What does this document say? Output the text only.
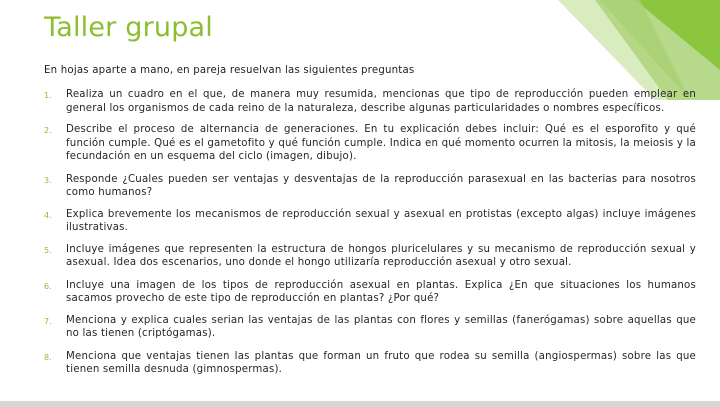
Taller grupal

En hojas aparte a mano, en pareja resuelvan las siguientes preguntas

1. Realiza un cuadro en el que, de manera muy resumida, mencionas que tipo de reproducción pueden emplear en general los organismos de cada reino de la naturaleza, describe algunas particularidades o nombres específicos.
2. Describe el proceso de alternancia de generaciones. En tu explicación debes incluir: Qué es el esporofito y qué función cumple. Qué es el gametofito y qué función cumple. Indica en qué momento ocurren la mitosis, la meiosis y la fecundación en un esquema del ciclo (imagen, dibujo).
3. Responde ¿Cuales pueden ser ventajas y desventajas de la reproducción parasexual en las bacterias para nosotros como humanos?
4. Explica brevemente los mecanismos de reproducción sexual y asexual en protistas (excepto algas) incluye imágenes ilustrativas.
5. Incluye imágenes que representen la estructura de hongos pluricelulares y su mecanismo de reproducción sexual y asexual. Idea dos escenarios, uno donde el hongo utilizaría reproducción asexual y otro sexual.
6. Incluye una imagen de los tipos de reproducción asexual en plantas. Explica ¿En que situaciones los humanos sacamos provecho de este tipo de reproducción en plantas? ¿Por qué?
7. Menciona y explica cuales serian las ventajas de las plantas con flores y semillas (fanerógamas) sobre aquellas que no las tienen (criptógamas).
8. Menciona que ventajas tienen las plantas que forman un fruto que rodea su semilla (angiospermas) sobre las que tienen semilla desnuda (gimnospermas).
